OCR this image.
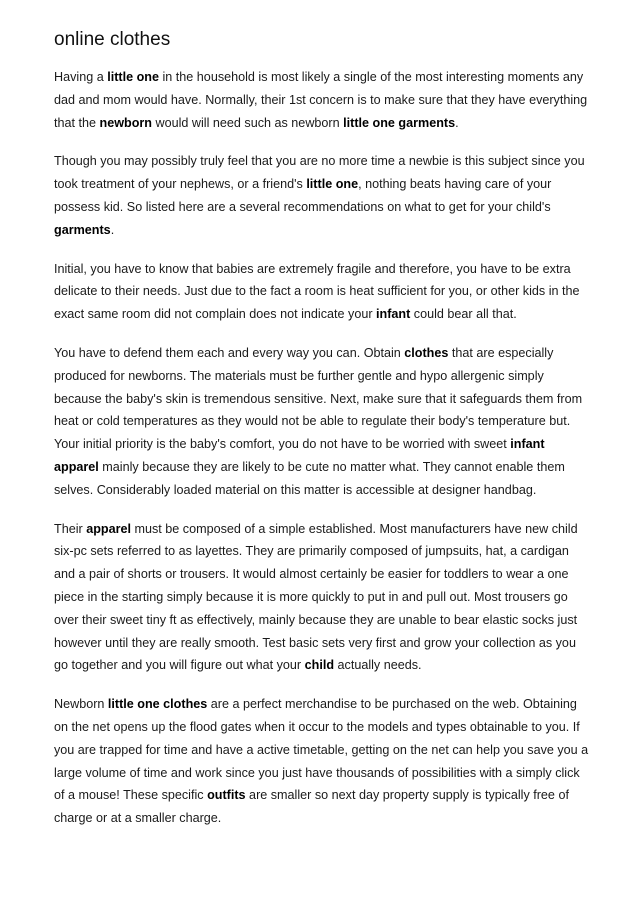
online clothes

Having a little one in the household is most likely a single of the most interesting moments any dad and mom would have. Normally, their 1st concern is to make sure that they have everything that the newborn would will need such as newborn little one garments.

Though you may possibly truly feel that you are no more time a newbie is this subject since you took treatment of your nephews, or a friend's little one, nothing beats having care of your possess kid. So listed here are a several recommendations on what to get for your child's garments.

Initial, you have to know that babies are extremely fragile and therefore, you have to be extra delicate to their needs. Just due to the fact a room is heat sufficient for you, or other kids in the exact same room did not complain does not indicate your infant could bear all that.

You have to defend them each and every way you can. Obtain clothes that are especially produced for newborns. The materials must be further gentle and hypo allergenic simply because the baby's skin is tremendous sensitive. Next, make sure that it safeguards them from heat or cold temperatures as they would not be able to regulate their body's temperature but. Your initial priority is the baby's comfort, you do not have to be worried with sweet infant apparel mainly because they are likely to be cute no matter what. They cannot enable them selves. Considerably loaded material on this matter is accessible at designer handbag.

Their apparel must be composed of a simple established. Most manufacturers have new child six-pc sets referred to as layettes. They are primarily composed of jumpsuits, hat, a cardigan and a pair of shorts or trousers. It would almost certainly be easier for toddlers to wear a one piece in the starting simply because it is more quickly to put in and pull out. Most trousers go over their sweet tiny ft as effectively, mainly because they are unable to bear elastic socks just however until they are really smooth. Test basic sets very first and grow your collection as you go together and you will figure out what your child actually needs.

Newborn little one clothes are a perfect merchandise to be purchased on the web. Obtaining on the net opens up the flood gates when it occur to the models and types obtainable to you. If you are trapped for time and have a active timetable, getting on the net can help you save you a large volume of time and work since you just have thousands of possibilities with a simply click of a mouse! These specific outfits are smaller so next day property supply is typically free of charge or at a smaller charge.
